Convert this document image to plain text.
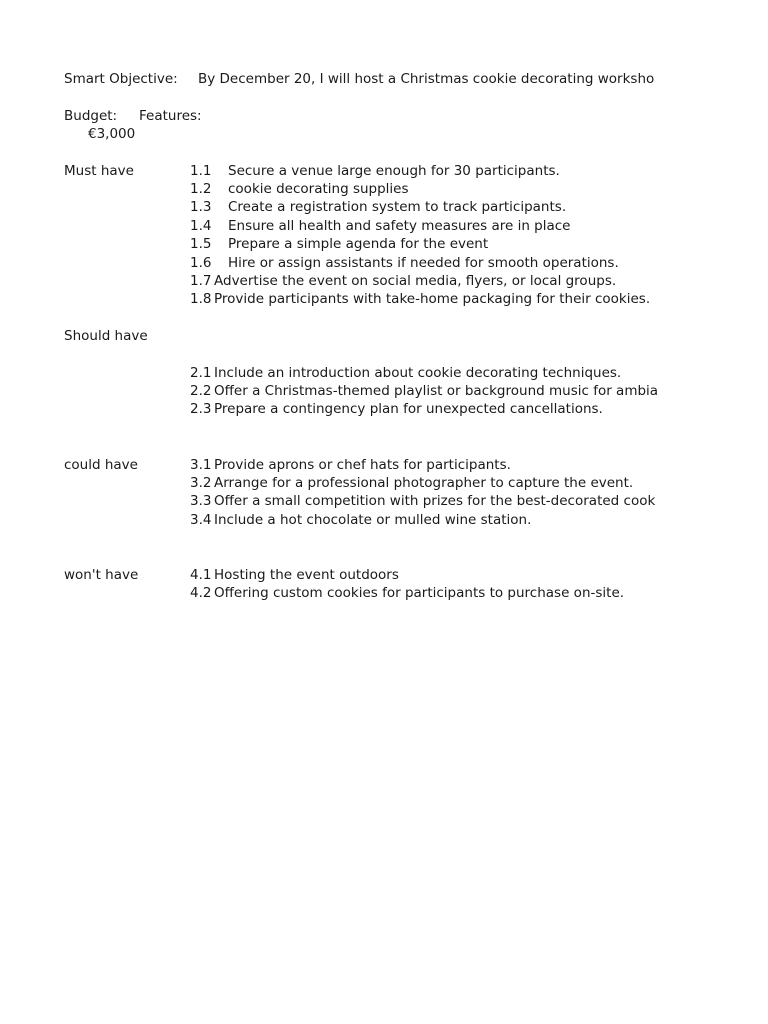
Smart Objective: By December 20, I will host a Christmas cookie decorating worksho
Budget: Features:
€3,000
Must have	1.1 Secure a venue large enough for 30 participants.
1.2 cookie decorating supplies
1.3 Create a registration system to track participants.
1.4 Ensure all health and safety measures are in place
1.5 Prepare a simple agenda for the event
1.6 Hire or assign assistants if needed for smooth operations.
1.7 Advertise the event on social media, flyers, or local groups.
1.8 Provide participants with take-home packaging for their cookies.
Should have
2.1 Include an introduction about cookie decorating techniques.
2.2 Offer a Christmas-themed playlist or background music for ambia
2.3 Prepare a contingency plan for unexpected cancellations.
could have	3.1 Provide aprons or chef hats for participants.
3.2 Arrange for a professional photographer to capture the event.
3.3 Offer a small competition with prizes for the best-decorated cook
3.4 Include a hot chocolate or mulled wine station.
won't have	4.1 Hosting the event outdoors
4.2 Offering custom cookies for participants to purchase on-site.
